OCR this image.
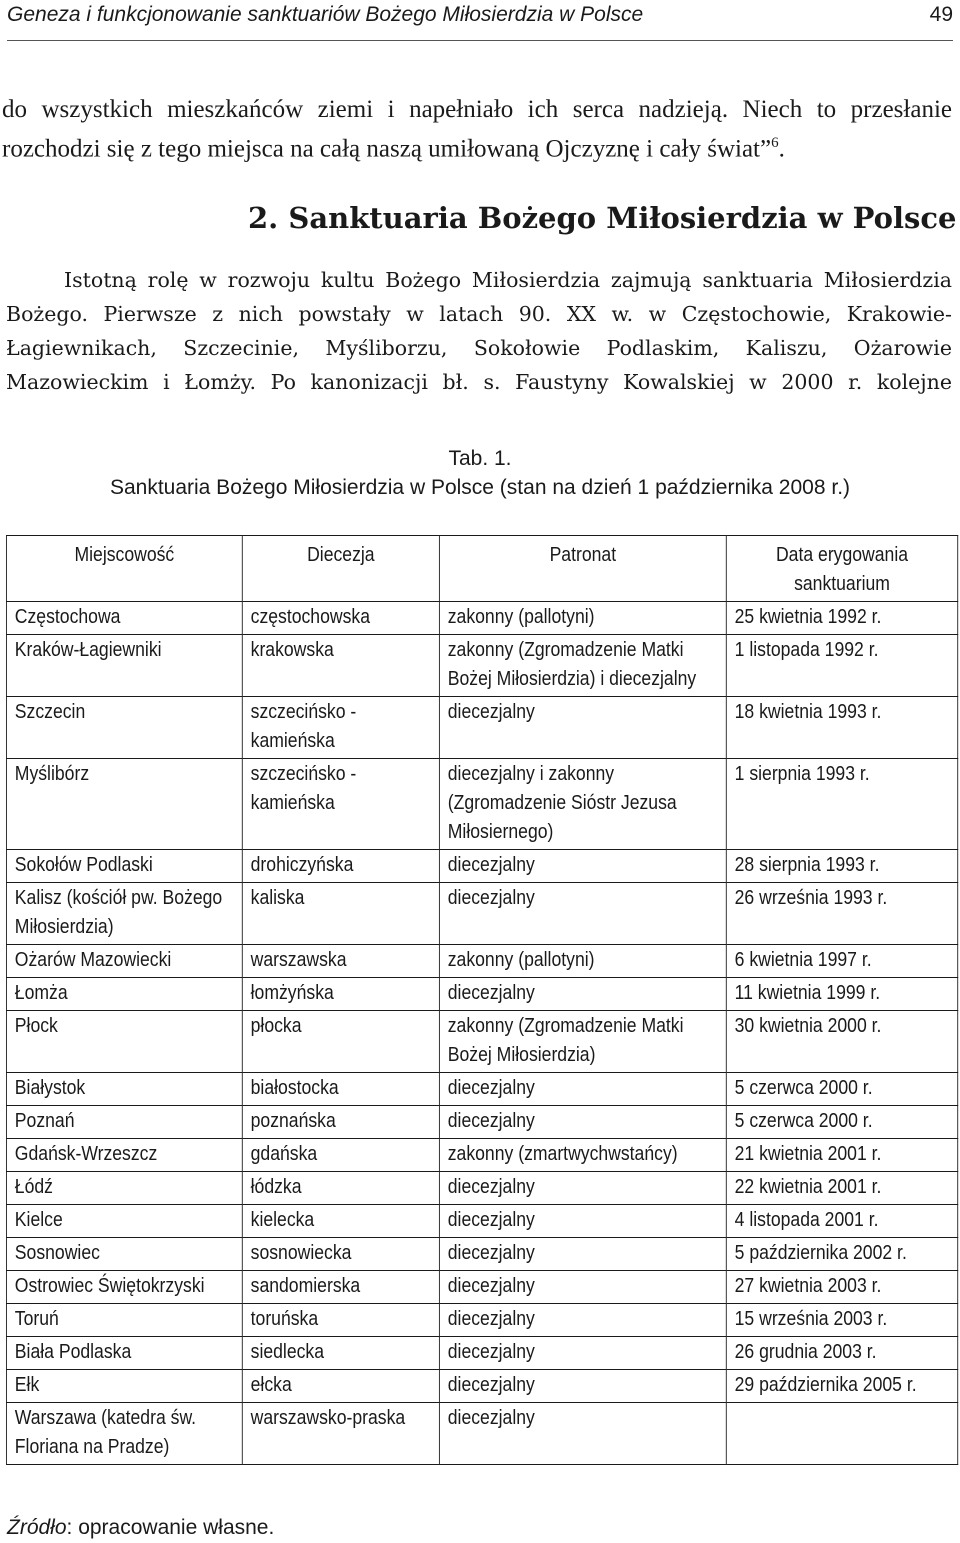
Geneza i funkcjonowanie sanktuariów Bożego Miłosierdzia w Polsce	49
do wszystkich mieszkańców ziemi i napełniało ich serca nadzieją. Niech to przesłanie
rozchodzi się z tego miejsca na całą naszą umiłowaną Ojczyznę i cały świat”$^6$.
2. Sanktuaria Bożego Miłosierdzia w Polsce
Istotną rolę w rozwoju kultu Bożego Miłosierdzia zajmują sanktuaria Miłosierdzia
Bożego. Pierwsze z nich powstały w latach 90. XX w. w Częstochowie, Krakowie-
Łagiewnikach, Szczecinie, Myśliborzu, Sokołowie Podlaskim, Kaliszu, Ożarowie
Mazowieckim i Łomży. Po kanonizacji bł. s. Faustyny Kowalskiej w 2000 r. kolejne
Tab. 1.
Sanktuaria Bożego Miłosierdzia w Polsce (stan na dzień 1 października 2008 r.)
Miejscowość	Diecezja	Patronat	Data erygowania sanktuarium
Częstochowa	częstochowska	zakonny (pallotyni)	25 kwietnia 1992 r.
Kraków-Łagiewniki	krakowska	zakonny (Zgromadzenie Matki Bożej Miłosierdzia) i diecezjalny	1 listopada 1992 r.
Szczecin	szczecińsko -kamieńska	diecezjalny	18 kwietnia 1993 r.
Myślibórz	szczecińsko -kamieńska	diecezjalny i zakonny (Zgromadzenie Sióstr Jezusa Miłosiernego)	1 sierpnia 1993 r.
Sokołów Podlaski	drohiczyńska	diecezjalny	28 sierpnia 1993 r.
Kalisz (kościół pw. Bożego Miłosierdzia)	kaliska	diecezjalny	26 września 1993 r.
Ożarów Mazowiecki	warszawska	zakonny (pallotyni)	6 kwietnia 1997 r.
Łomża	łomżyńska	diecezjalny	11 kwietnia 1999 r.
Płock	płocka	zakonny (Zgromadzenie Matki Bożej Miłosierdzia)	30 kwietnia 2000 r.
Białystok	białostocka	diecezjalny	5 czerwca 2000 r.
Poznań	poznańska	diecezjalny	5 czerwca 2000 r.
Gdańsk-Wrzeszcz	gdańska	zakonny (zmartwychwstańcy)	21 kwietnia 2001 r.
Łódź	łódzka	diecezjalny	22 kwietnia 2001 r.
Kielce	kielecka	diecezjalny	4 listopada 2001 r.
Sosnowiec	sosnowiecka	diecezjalny	5 października 2002 r.
Ostrowiec Świętokrzyski	sandomierska	diecezjalny	27 kwietnia 2003 r.
Toruń	toruńska	diecezjalny	15 września 2003 r.
Biała Podlaska	siedlecka	diecezjalny	26 grudnia 2003 r.
Ełk	ełcka	diecezjalny	29 października 2005 r.
Warszawa (katedra św. Floriana na Pradze)	warszawsko-praska	diecezjalny	
Źródło: opracowanie własne.
